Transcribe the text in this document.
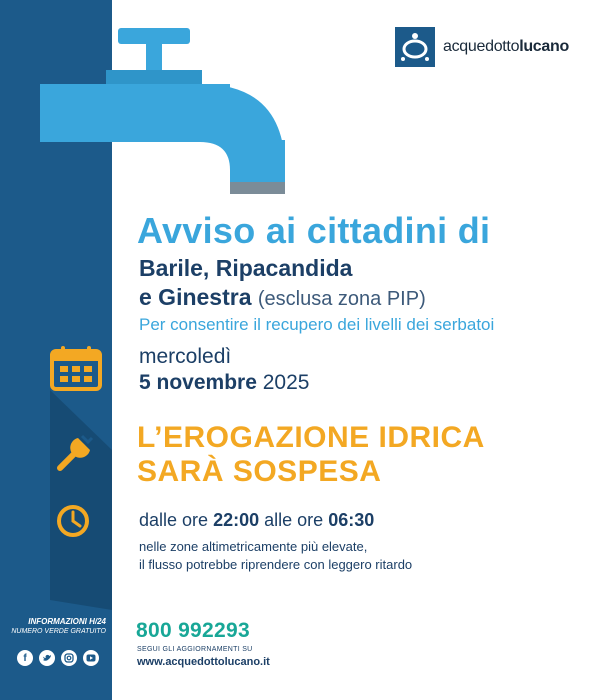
acquedottolucano
Avviso ai cittadini di
Barile, Ripacandida
e Ginestra (esclusa zona PIP)
Per consentire il recupero dei livelli dei serbatoi
mercoledì
5 novembre 2025
L’EROGAZIONE IDRICA
SARÀ SOSPESA
dalle ore 22:00 alle ore 06:30
nelle zone altimetricamente più elevate,
il flusso potrebbe riprendere con leggero ritardo
INFORMAZIONI H/24
NUMERO VERDE GRATUITO
f
800 992293
SEGUI GLI AGGIORNAMENTI SU
www.acquedottolucano.it
